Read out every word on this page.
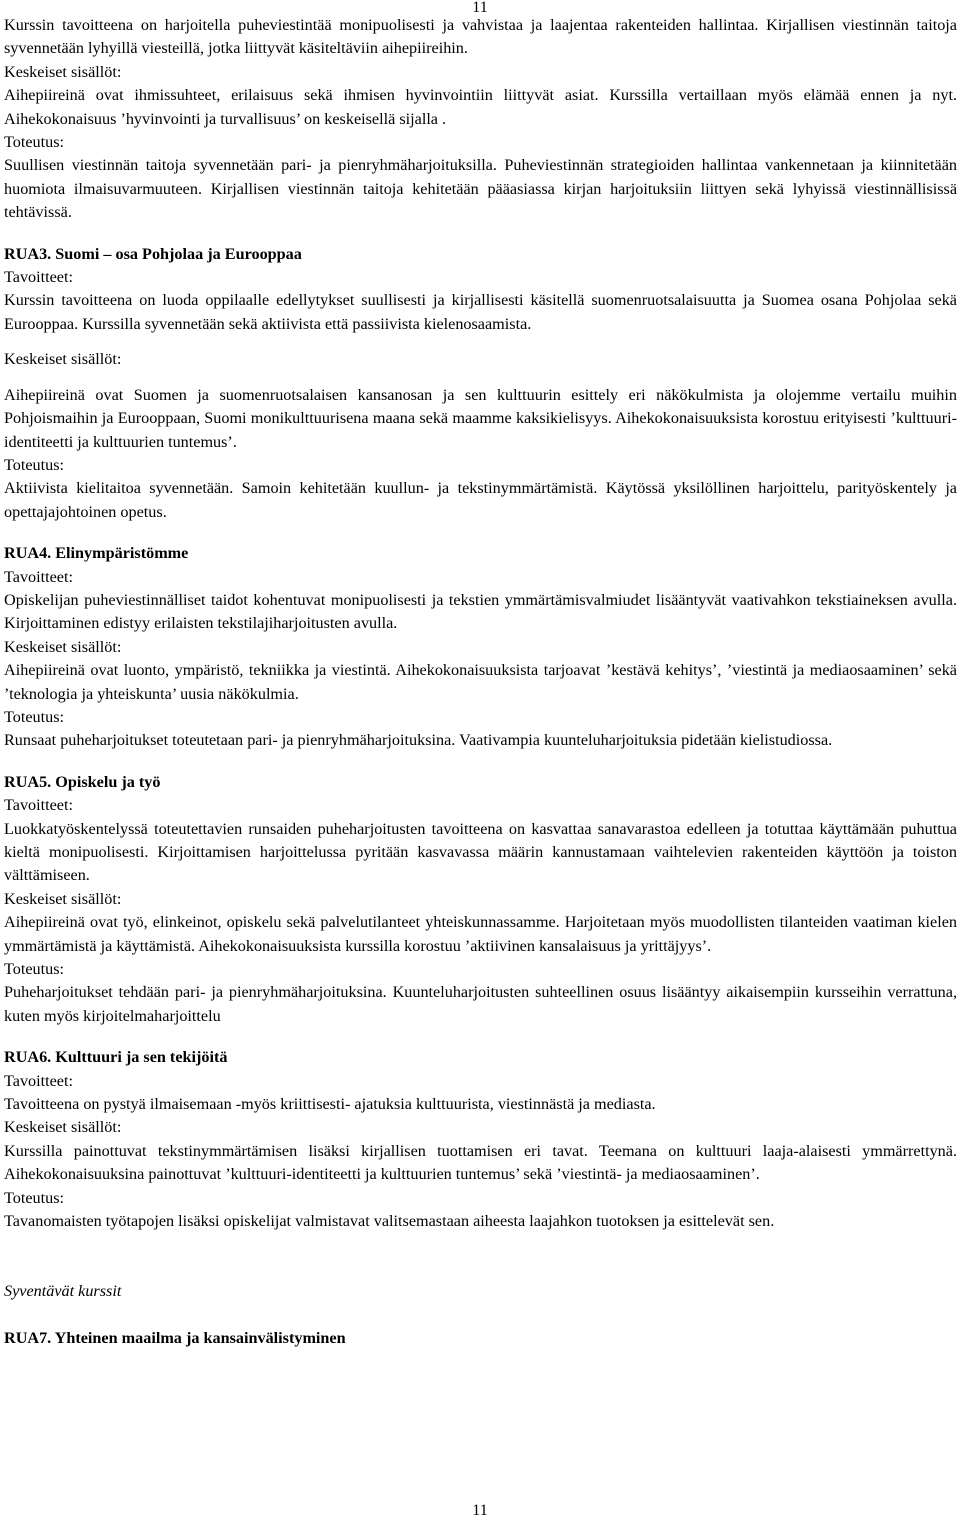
11

Kurssin tavoitteena on harjoitella puheviestintää monipuolisesti ja vahvistaa ja laajentaa rakenteiden hallintaa. Kirjallisen viestinnän taitoja syvennetään lyhyillä viesteillä, jotka liittyvät käsiteltäviin aihepiireihin.

Keskeiset sisällöt:

Aihepiireinä ovat ihmissuhteet, erilaisuus sekä ihmisen hyvinvointiin liittyvät asiat. Kurssilla vertaillaan myös elämää ennen ja nyt. Aihekokonaisuus ’hyvinvointi ja turvallisuus’ on keskeisellä sijalla .

Toteutus:

Suullisen viestinnän taitoja syvennetään pari- ja pienryhmäharjoituksilla. Puheviestinnän strategioiden hallintaa vankennetaan ja kiinnitetään huomiota ilmaisuvarmuuteen. Kirjallisen viestinnän taitoja kehitetään pääasiassa kirjan harjoituksiin liittyen sekä lyhyissä viestinnällisissä tehtävissä.

RUA3. Suomi – osa Pohjolaa ja Eurooppaa

Tavoitteet:

Kurssin tavoitteena on luoda oppilaalle edellytykset suullisesti ja kirjallisesti käsitellä suomenruotsalaisuutta ja Suomea osana Pohjolaa sekä Eurooppaa. Kurssilla syvennetään sekä aktiivista että passiivista kielenosaamista.

Keskeiset sisällöt:

Aihepiireinä ovat Suomen ja suomenruotsalaisen kansanosan ja sen kulttuurin esittely eri näkökulmista ja olojemme vertailu muihin Pohjoismaihin ja Eurooppaan, Suomi monikulttuurisena maana sekä maamme kaksikielisyys. Aihekokonaisuuksista korostuu erityisesti ’kulttuuri-identiteetti ja kulttuurien tuntemus’.

Toteutus:

Aktiivista kielitaitoa syvennetään. Samoin kehitetään kuullun- ja tekstinymmärtämistä. Käytössä yksilöllinen harjoittelu, parityöskentely ja opettajajohtoinen opetus.

RUA4. Elinympäristömme

Tavoitteet:

Opiskelijan puheviestinnälliset taidot kohentuvat monipuolisesti ja tekstien ymmärtämisvalmiudet lisääntyvät vaativahkon tekstiaineksen avulla. Kirjoittaminen edistyy erilaisten tekstilajiharjoitusten avulla.

Keskeiset sisällöt:

Aihepiireinä ovat luonto, ympäristö, tekniikka ja viestintä. Aihekokonaisuuksista tarjoavat ’kestävä kehitys’, ’viestintä ja mediaosaaminen’ sekä ’teknologia ja yhteiskunta’ uusia näkökulmia.

Toteutus:

Runsaat puheharjoitukset toteutetaan pari- ja pienryhmäharjoituksina. Vaativampia kuunteluharjoituksia pidetään kielistudiossa.

RUA5. Opiskelu ja työ

Tavoitteet:

Luokkatyöskentelyssä toteutettavien runsaiden puheharjoitusten tavoitteena on kasvattaa sanavarastoa edelleen ja totuttaa käyttämään puhuttua kieltä monipuolisesti. Kirjoittamisen harjoittelussa pyritään kasvavassa määrin kannustamaan vaihtelevien rakenteiden käyttöön ja toiston välttämiseen.

Keskeiset sisällöt:

Aihepiireinä ovat työ, elinkeinot, opiskelu sekä palvelutilanteet yhteiskunnassamme. Harjoitetaan myös muodollisten tilanteiden vaatiman kielen ymmärtämistä ja käyttämistä. Aihekokonaisuuksista kurssilla korostuu ’aktiivinen kansalaisuus ja yrittäjyys’.

Toteutus:

Puheharjoitukset tehdään pari- ja pienryhmäharjoituksina. Kuunteluharjoitusten suhteellinen osuus lisääntyy aikaisempiin kursseihin verrattuna, kuten myös kirjoitelmaharjoittelu

RUA6. Kulttuuri ja sen tekijöitä

Tavoitteet:

Tavoitteena on pystyä ilmaisemaan -myös kriittisesti- ajatuksia kulttuurista, viestinnästä ja mediasta.

Keskeiset sisällöt:

Kurssilla painottuvat tekstinymmärtämisen lisäksi kirjallisen tuottamisen eri tavat. Teemana on kulttuuri laaja-alaisesti ymmärrettynä. Aihekokonaisuuksina painottuvat ’kulttuuri-identiteetti ja kulttuurien tuntemus’ sekä ’viestintä- ja mediaosaaminen’.

Toteutus:

Tavanomaisten työtapojen lisäksi opiskelijat valmistavat valitsemastaan aiheesta laajahkon tuotoksen ja esittelevät sen.

Syventävät kurssit

RUA7. Yhteinen maailma ja kansainvälistyminen

11
